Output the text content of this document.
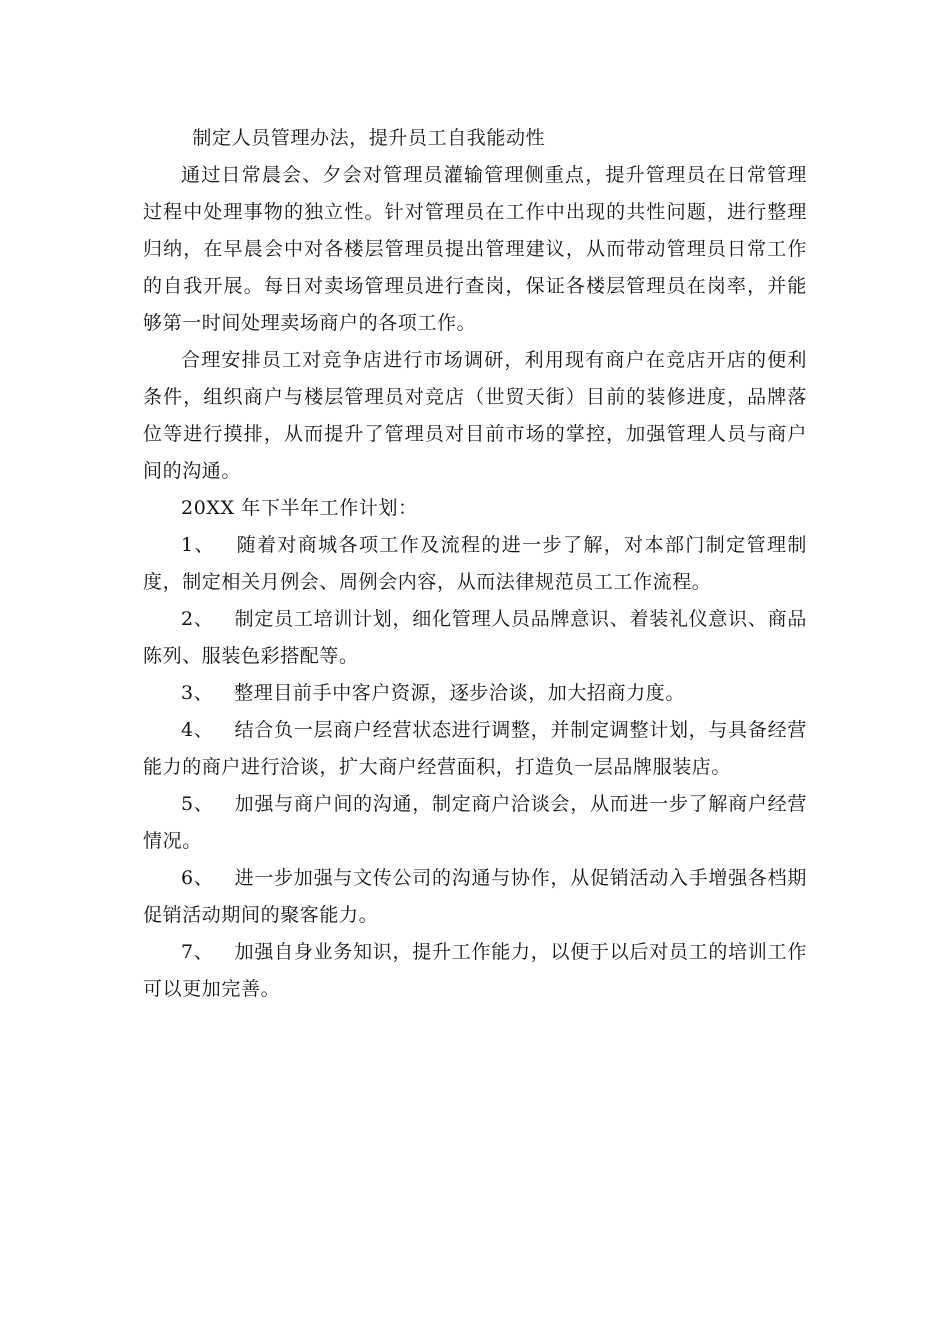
制定人员管理办法，提升员工自我能动性

通过日常晨会、夕会对管理员灌输管理侧重点，提升管理员在日常管理过程中处理事物的独立性。针对管理员在工作中出现的共性问题，进行整理归纳，在早晨会中对各楼层管理员提出管理建议，从而带动管理员日常工作的自我开展。每日对卖场管理员进行查岗，保证各楼层管理员在岗率，并能够第一时间处理卖场商户的各项工作。

合理安排员工对竞争店进行市场调研，利用现有商户在竞店开店的便利条件，组织商户与楼层管理员对竞店（世贸天街）目前的装修进度，品牌落位等进行摸排，从而提升了管理员对目前市场的掌控，加强管理人员与商户间的沟通。

20XX 年下半年工作计划：

1、 随着对商城各项工作及流程的进一步了解，对本部门制定管理制度，制定相关月例会、周例会内容，从而法律规范员工工作流程。

2、 制定员工培训计划，细化管理人员品牌意识、着装礼仪意识、商品陈列、服装色彩搭配等。

3、 整理目前手中客户资源，逐步洽谈，加大招商力度。

4、 结合负一层商户经营状态进行调整，并制定调整计划，与具备经营能力的商户进行洽谈，扩大商户经营面积，打造负一层品牌服装店。

5、 加强与商户间的沟通，制定商户洽谈会，从而进一步了解商户经营情况。

6、 进一步加强与文传公司的沟通与协作，从促销活动入手增强各档期促销活动期间的聚客能力。

7、 加强自身业务知识，提升工作能力，以便于以后对员工的培训工作可以更加完善。
